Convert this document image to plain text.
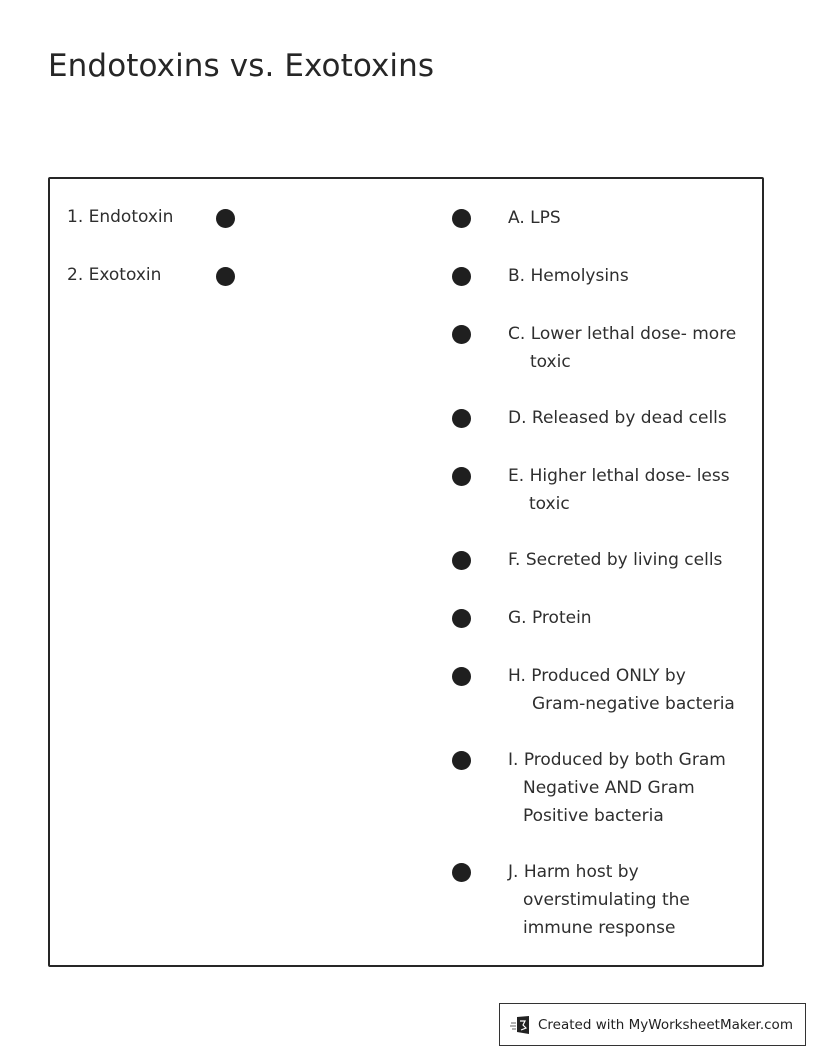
Endotoxins vs. Exotoxins
1. Endotoxin
2. Exotoxin
A. LPS
B. Hemolysins
C. Lower lethal dose- more
toxic
D. Released by dead cells
E. Higher lethal dose- less
toxic
F. Secreted by living cells
G. Protein
H. Produced ONLY by
Gram-negative bacteria
I. Produced by both Gram
Negative AND Gram
Positive bacteria
J. Harm host by
overstimulating the
immune response
Created with MyWorksheetMaker.com
